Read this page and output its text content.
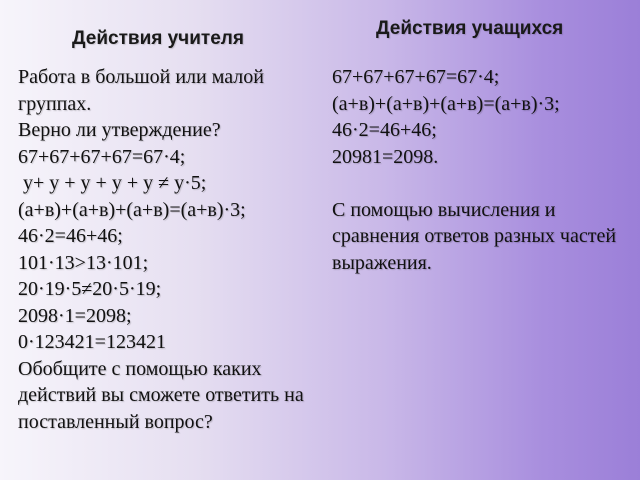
Действия учителя	Действия учащихся
Работа в большой или малой группах.
Верно ли утверждение?
67+67+67+67=67·4;
у+ у + у + у + у ≠ у·5;
(а+в)+(а+в)+(а+в)=(а+в)·3;
46·2=46+46;
101·13>13·101;
20·19·5≠20·5·19;
2098·1=2098;
0·123421=123421
Обобщите с помощью каких действий вы сможете ответить на поставленный вопрос?
67+67+67+67=67·4;
(а+в)+(а+в)+(а+в)=(а+в)·3;
46·2=46+46;
20981=2098.
С помощью вычисления и сравнения ответов разных частей выражения.
